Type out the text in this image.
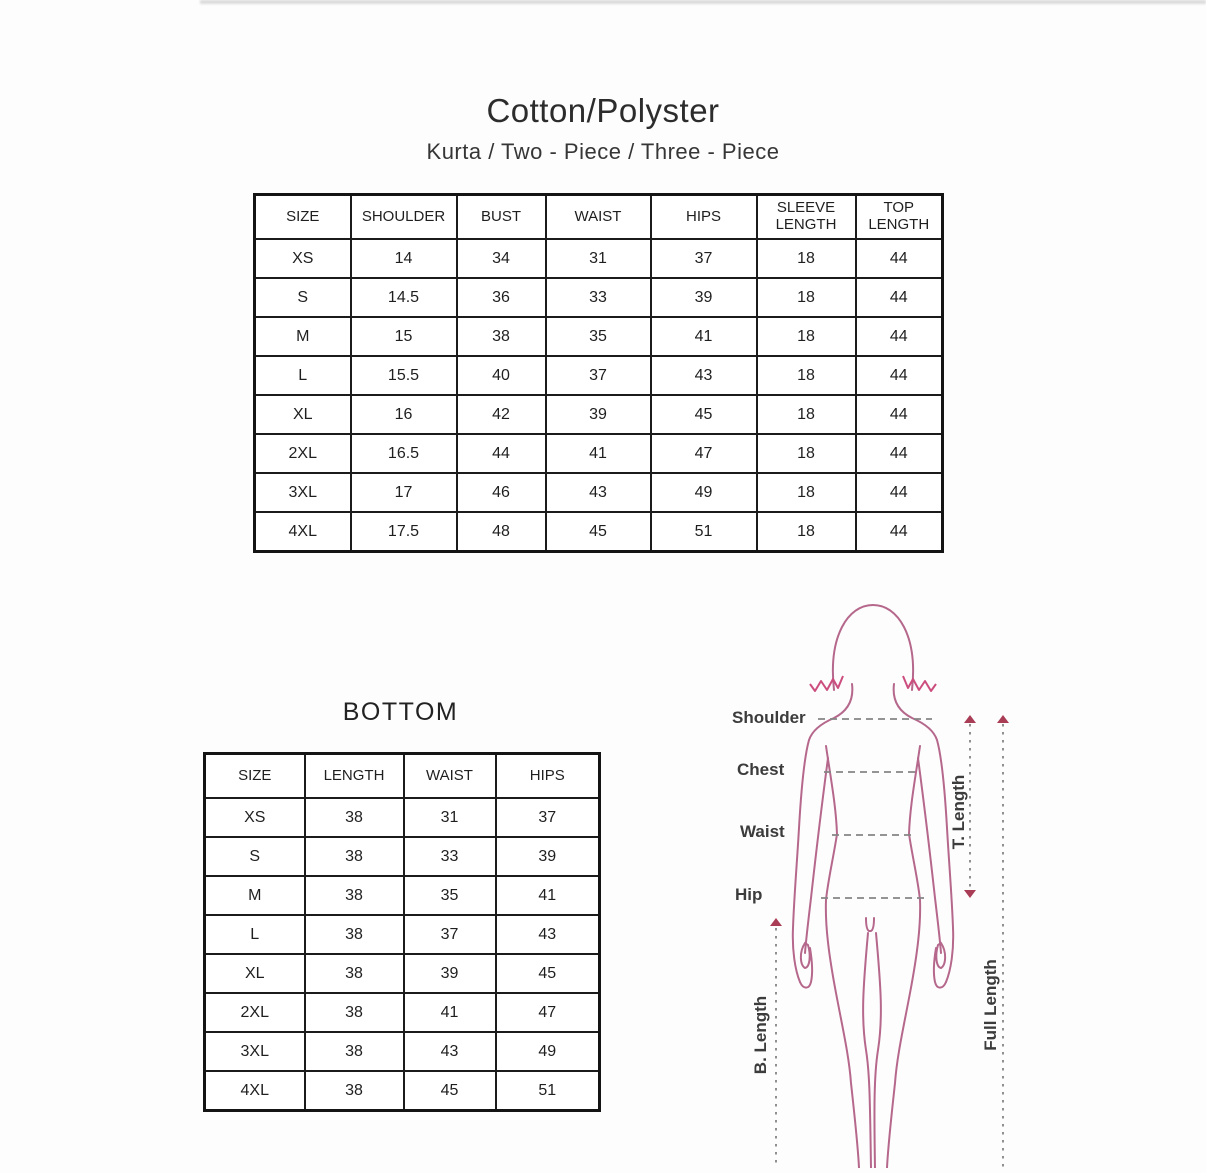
Cotton/Polyster
Kurta / Two - Piece / Three - Piece
SIZE	SHOULDER	BUST	WAIST	HIPS	SLEEVE LENGTH	TOP LENGTH
XS	14	34	31	37	18	44
S	14.5	36	33	39	18	44
M	15	38	35	41	18	44
L	15.5	40	37	43	18	44
XL	16	42	39	45	18	44
2XL	16.5	44	41	47	18	44
3XL	17	46	43	49	18	44
4XL	17.5	48	45	51	18	44
BOTTOM
SIZE	LENGTH	WAIST	HIPS
XS	38	31	37
S	38	33	39
M	38	35	41
L	38	37	43
XL	38	39	45
2XL	38	41	47
3XL	38	43	49
4XL	38	45	51
Shoulder
Chest
Waist
Hip
T. Length
Full Length
B. Length
